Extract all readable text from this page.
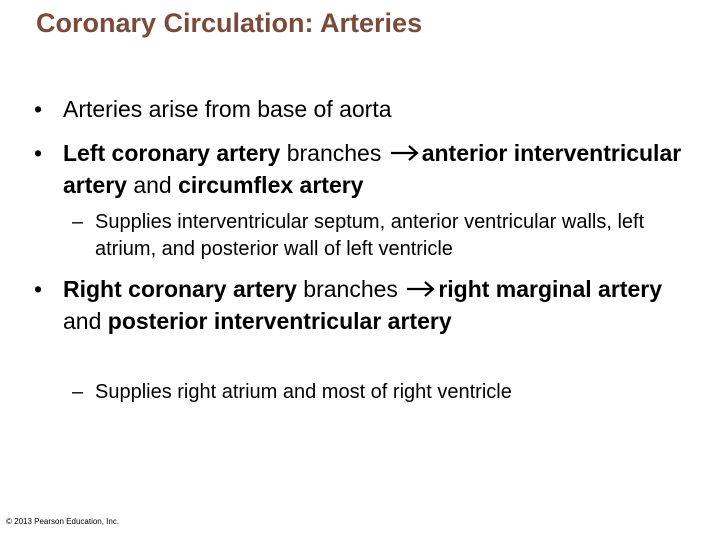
Coronary Circulation: Arteries
• Arteries arise from base of aorta
• Left coronary artery branches anterior interventricular artery and circumflex artery
– Supplies interventricular septum, anterior ventricular walls, left atrium, and posterior wall of left ventricle
• Right coronary artery branches right marginal artery and posterior interventricular artery
– Supplies right atrium and most of right ventricle
© 2013 Pearson Education, Inc.
